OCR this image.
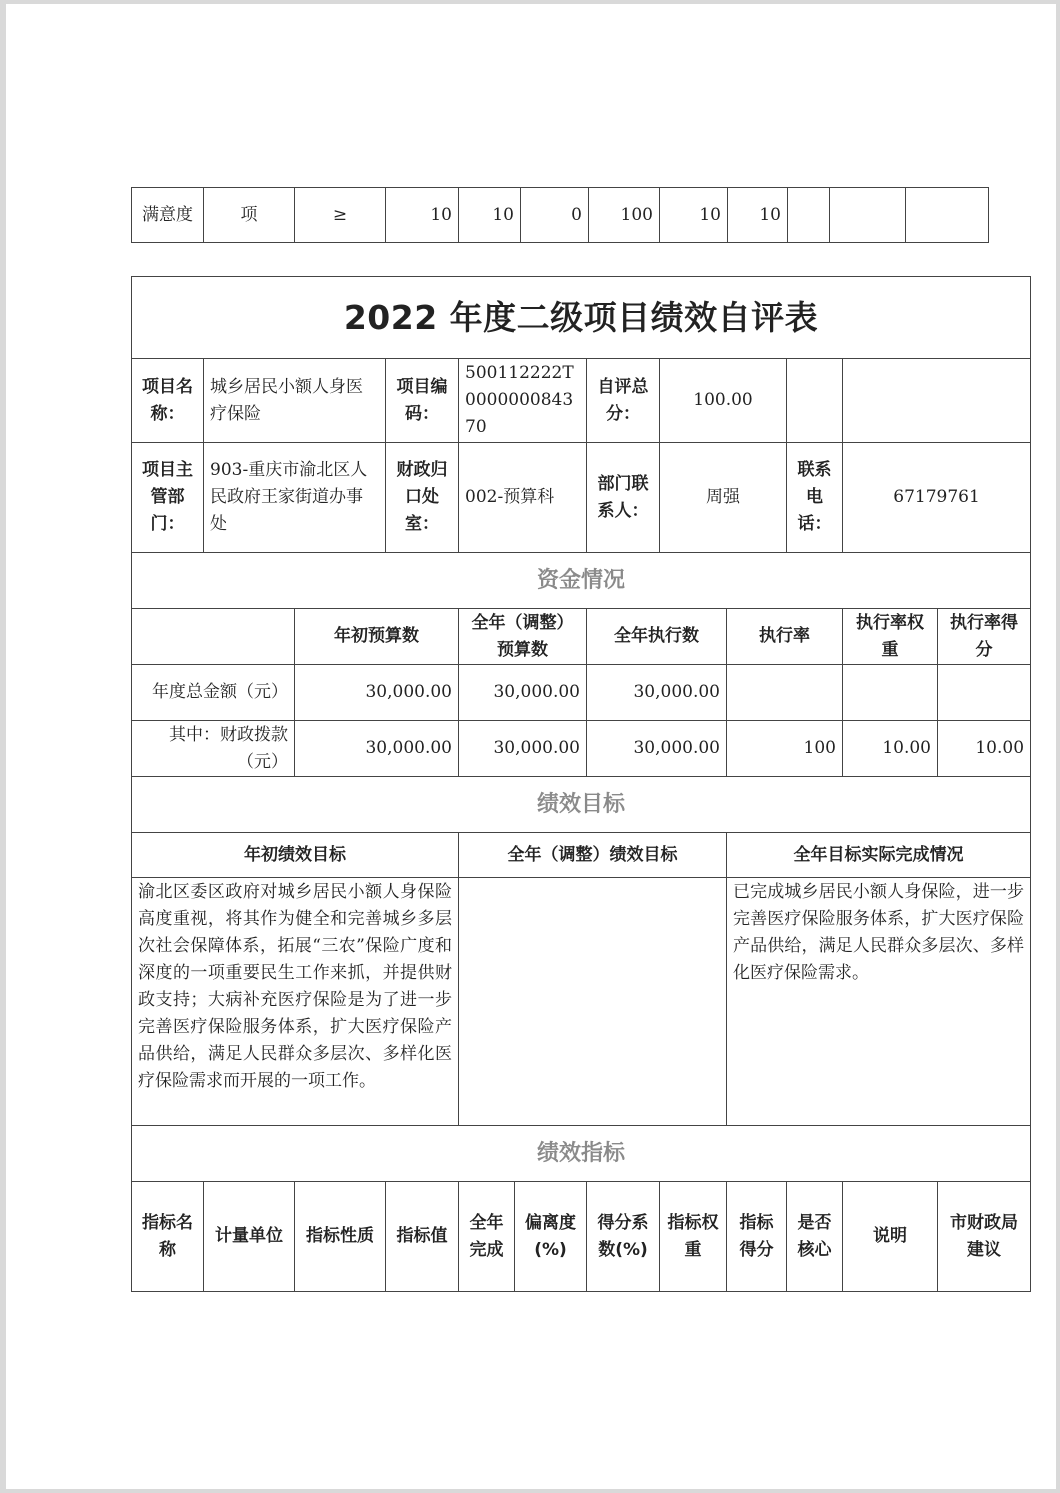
满意度	项	≥	10	10	0	100	10	10			
2022 年度二级项目绩效自评表											
项目名称：	城乡居民小额人身医疗保险		项目编码：	500112222T000000084370		自评总分：	100.00				
项目主管部门：	903-重庆市渝北区人民政府王家街道办事处		财政归口处室：	002-预算科		部门联系人：	周强		联系电话：	67179761	
资金情况											
		年初预算数		全年（调整）预算数		全年执行数		执行率		执行率权重	执行率得分
年度总金额（元）		30,000.00		30,000.00		30,000.00					
其中：财政拨款（元）		30,000.00		30,000.00		30,000.00		100		10.00	10.00
绩效目标											
年初绩效目标				全年（调整）绩效目标				全年目标实际完成情况			
渝北区委区政府对城乡居民小额人身保险高度重视，将其作为健全和完善城乡多层次社会保障体系，拓展“三农”保险广度和深度的一项重要民生工作来抓，并提供财政支持；大病补充医疗保险是为了进一步完善医疗保险服务体系，扩大医疗保险产品供给，满足人民群众多层次、多样化医疗保险需求而开展的一项工作。								已完成城乡居民小额人身保险，进一步完善医疗保险服务体系，扩大医疗保险产品供给，满足人民群众多层次、多样化医疗保险需求。			
绩效指标											
指标名称	计量单位	指标性质	指标值	全年完成	偏离度(%)	得分系数(%)	指标权重	指标得分	是否核心	说明	市财政局建议
